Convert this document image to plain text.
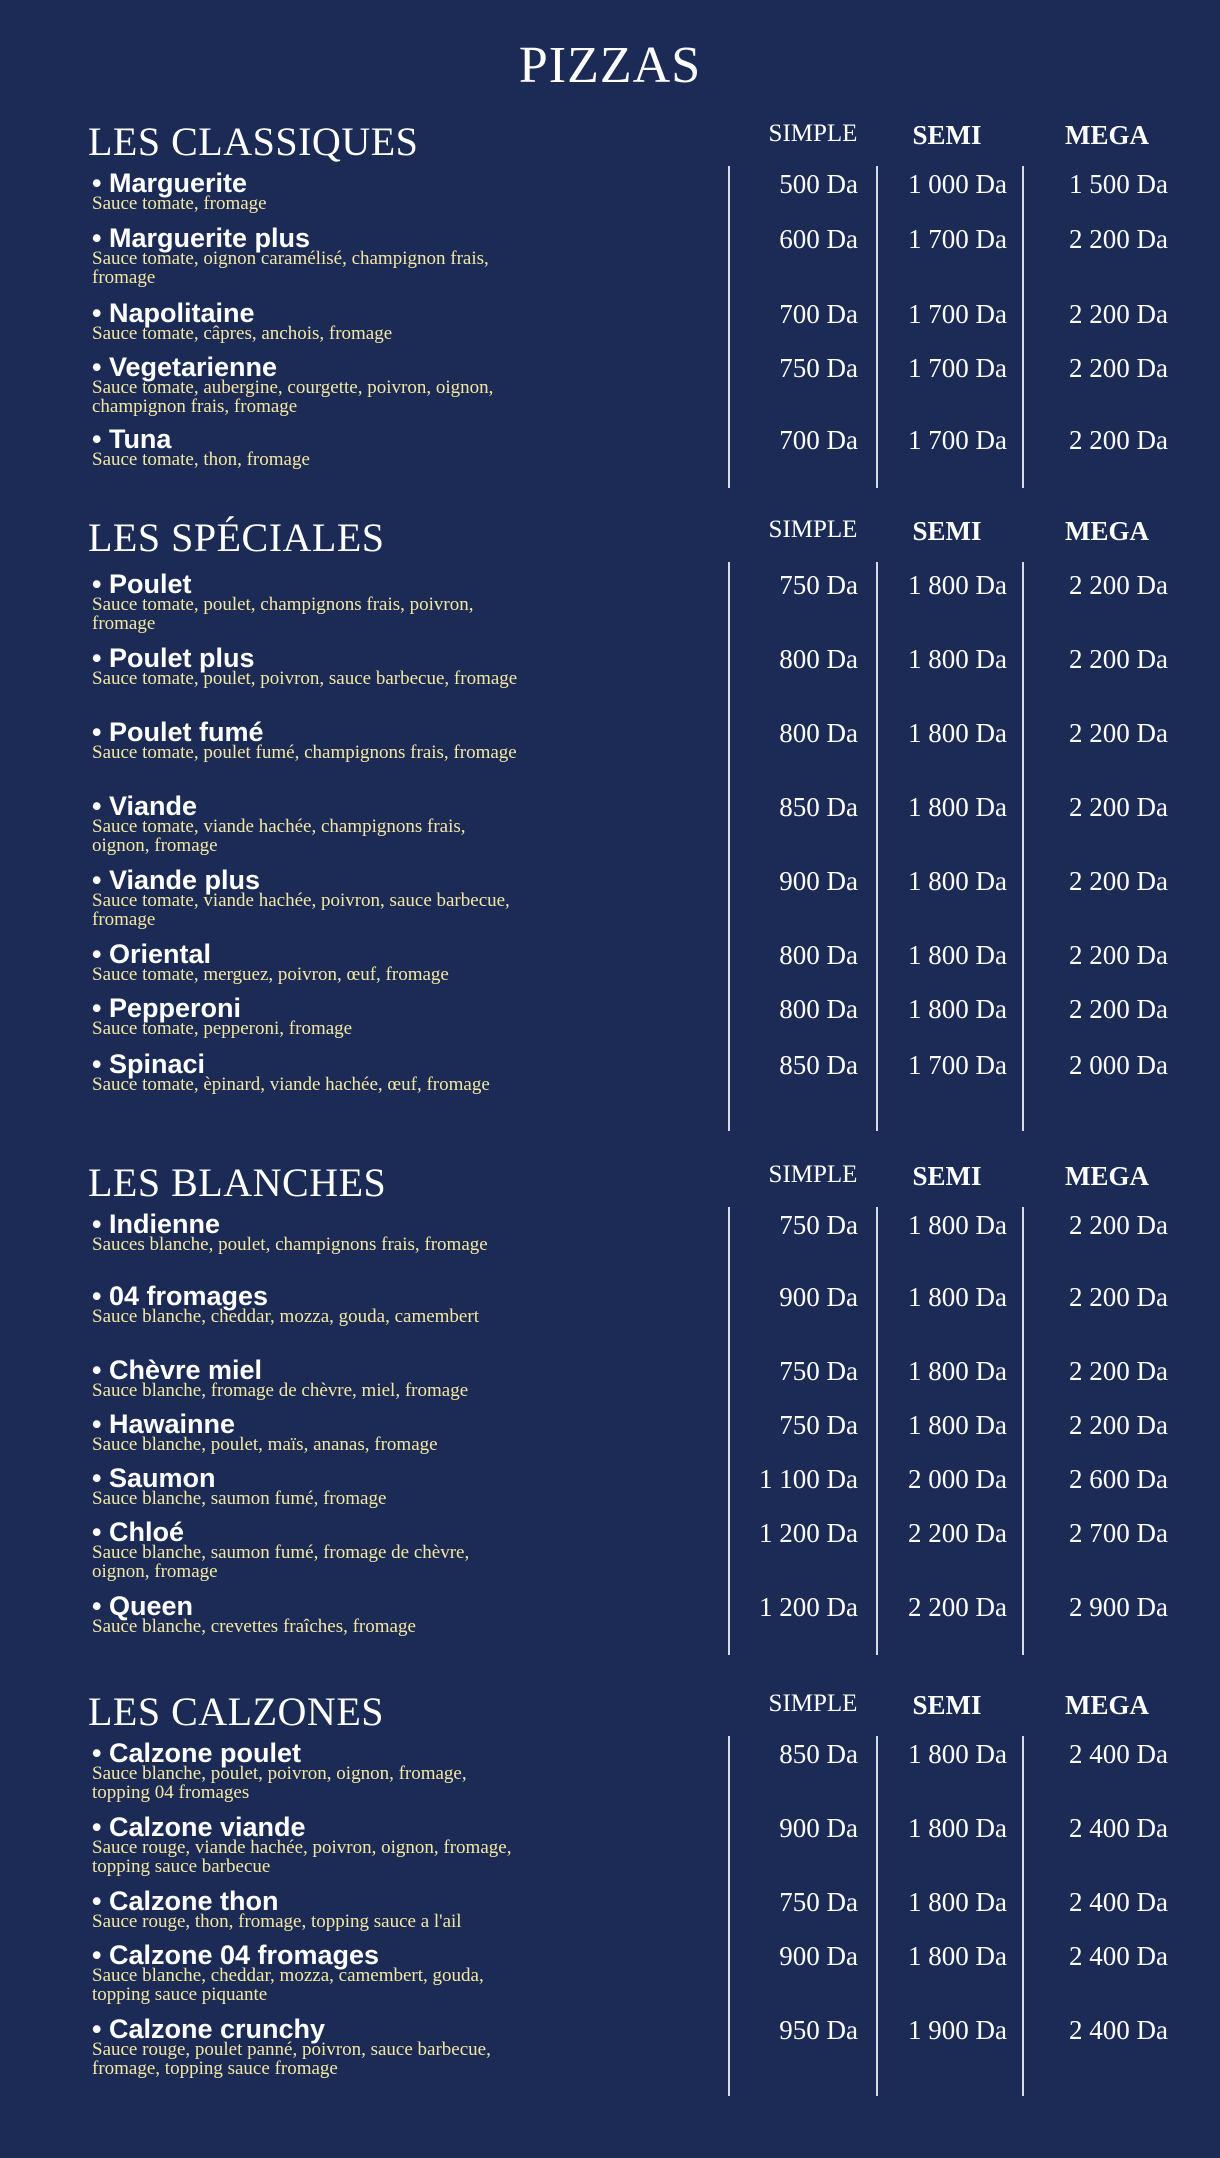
PIZZAS
LES CLASSIQUES	SIMPLE	SEMI	MEGA
• Marguerite
Sauce tomate, fromage
500 Da	1 000 Da	1 500 Da
• Marguerite plus
Sauce tomate, oignon caramélisé, champignon frais, fromage
600 Da	1 700 Da	2 200 Da
• Napolitaine
Sauce tomate, câpres, anchois, fromage
700 Da	1 700 Da	2 200 Da
• Vegetarienne
Sauce tomate, aubergine, courgette, poivron, oignon, champignon frais, fromage
750 Da	1 700 Da	2 200 Da
• Tuna
Sauce tomate, thon, fromage
700 Da	1 700 Da	2 200 Da
LES SPÉCIALES	SIMPLE	SEMI	MEGA
• Poulet
Sauce tomate, poulet, champignons frais, poivron, fromage
750 Da	1 800 Da	2 200 Da
• Poulet plus
Sauce tomate, poulet, poivron, sauce barbecue, fromage
800 Da	1 800 Da	2 200 Da
• Poulet fumé
Sauce tomate, poulet fumé, champignons frais, fromage
800 Da	1 800 Da	2 200 Da
• Viande
Sauce tomate, viande hachée, champignons frais, oignon, fromage
850 Da	1 800 Da	2 200 Da
• Viande plus
Sauce tomate, viande hachée, poivron, sauce barbecue, fromage
900 Da	1 800 Da	2 200 Da
• Oriental
Sauce tomate, merguez, poivron, œuf, fromage
800 Da	1 800 Da	2 200 Da
• Pepperoni
Sauce tomate, pepperoni, fromage
800 Da	1 800 Da	2 200 Da
• Spinaci
Sauce tomate, èpinard, viande hachée, œuf, fromage
850 Da	1 700 Da	2 000 Da
LES BLANCHES	SIMPLE	SEMI	MEGA
• Indienne
Sauces blanche, poulet, champignons frais, fromage
750 Da	1 800 Da	2 200 Da
• 04 fromages
Sauce blanche, cheddar, mozza, gouda, camembert
900 Da	1 800 Da	2 200 Da
• Chèvre miel
Sauce blanche, fromage de chèvre, miel, fromage
750 Da	1 800 Da	2 200 Da
• Hawainne
Sauce blanche, poulet, maïs, ananas, fromage
750 Da	1 800 Da	2 200 Da
• Saumon
Sauce blanche, saumon fumé, fromage
1 100 Da	2 000 Da	2 600 Da
• Chloé
Sauce blanche, saumon fumé, fromage de chèvre, oignon, fromage
1 200 Da	2 200 Da	2 700 Da
• Queen
Sauce blanche, crevettes fraîches, fromage
1 200 Da	2 200 Da	2 900 Da
LES CALZONES	SIMPLE	SEMI	MEGA
• Calzone poulet
Sauce blanche, poulet, poivron, oignon, fromage, topping 04 fromages
850 Da	1 800 Da	2 400 Da
• Calzone viande
Sauce rouge, viande hachée, poivron, oignon, fromage, topping sauce barbecue
900 Da	1 800 Da	2 400 Da
• Calzone thon
Sauce rouge, thon, fromage, topping sauce a l'ail
750 Da	1 800 Da	2 400 Da
• Calzone 04 fromages
Sauce blanche, cheddar, mozza, camembert, gouda, topping sauce piquante
900 Da	1 800 Da	2 400 Da
• Calzone crunchy
Sauce rouge, poulet panné, poivron, sauce barbecue, fromage, topping sauce fromage
950 Da	1 900 Da	2 400 Da
